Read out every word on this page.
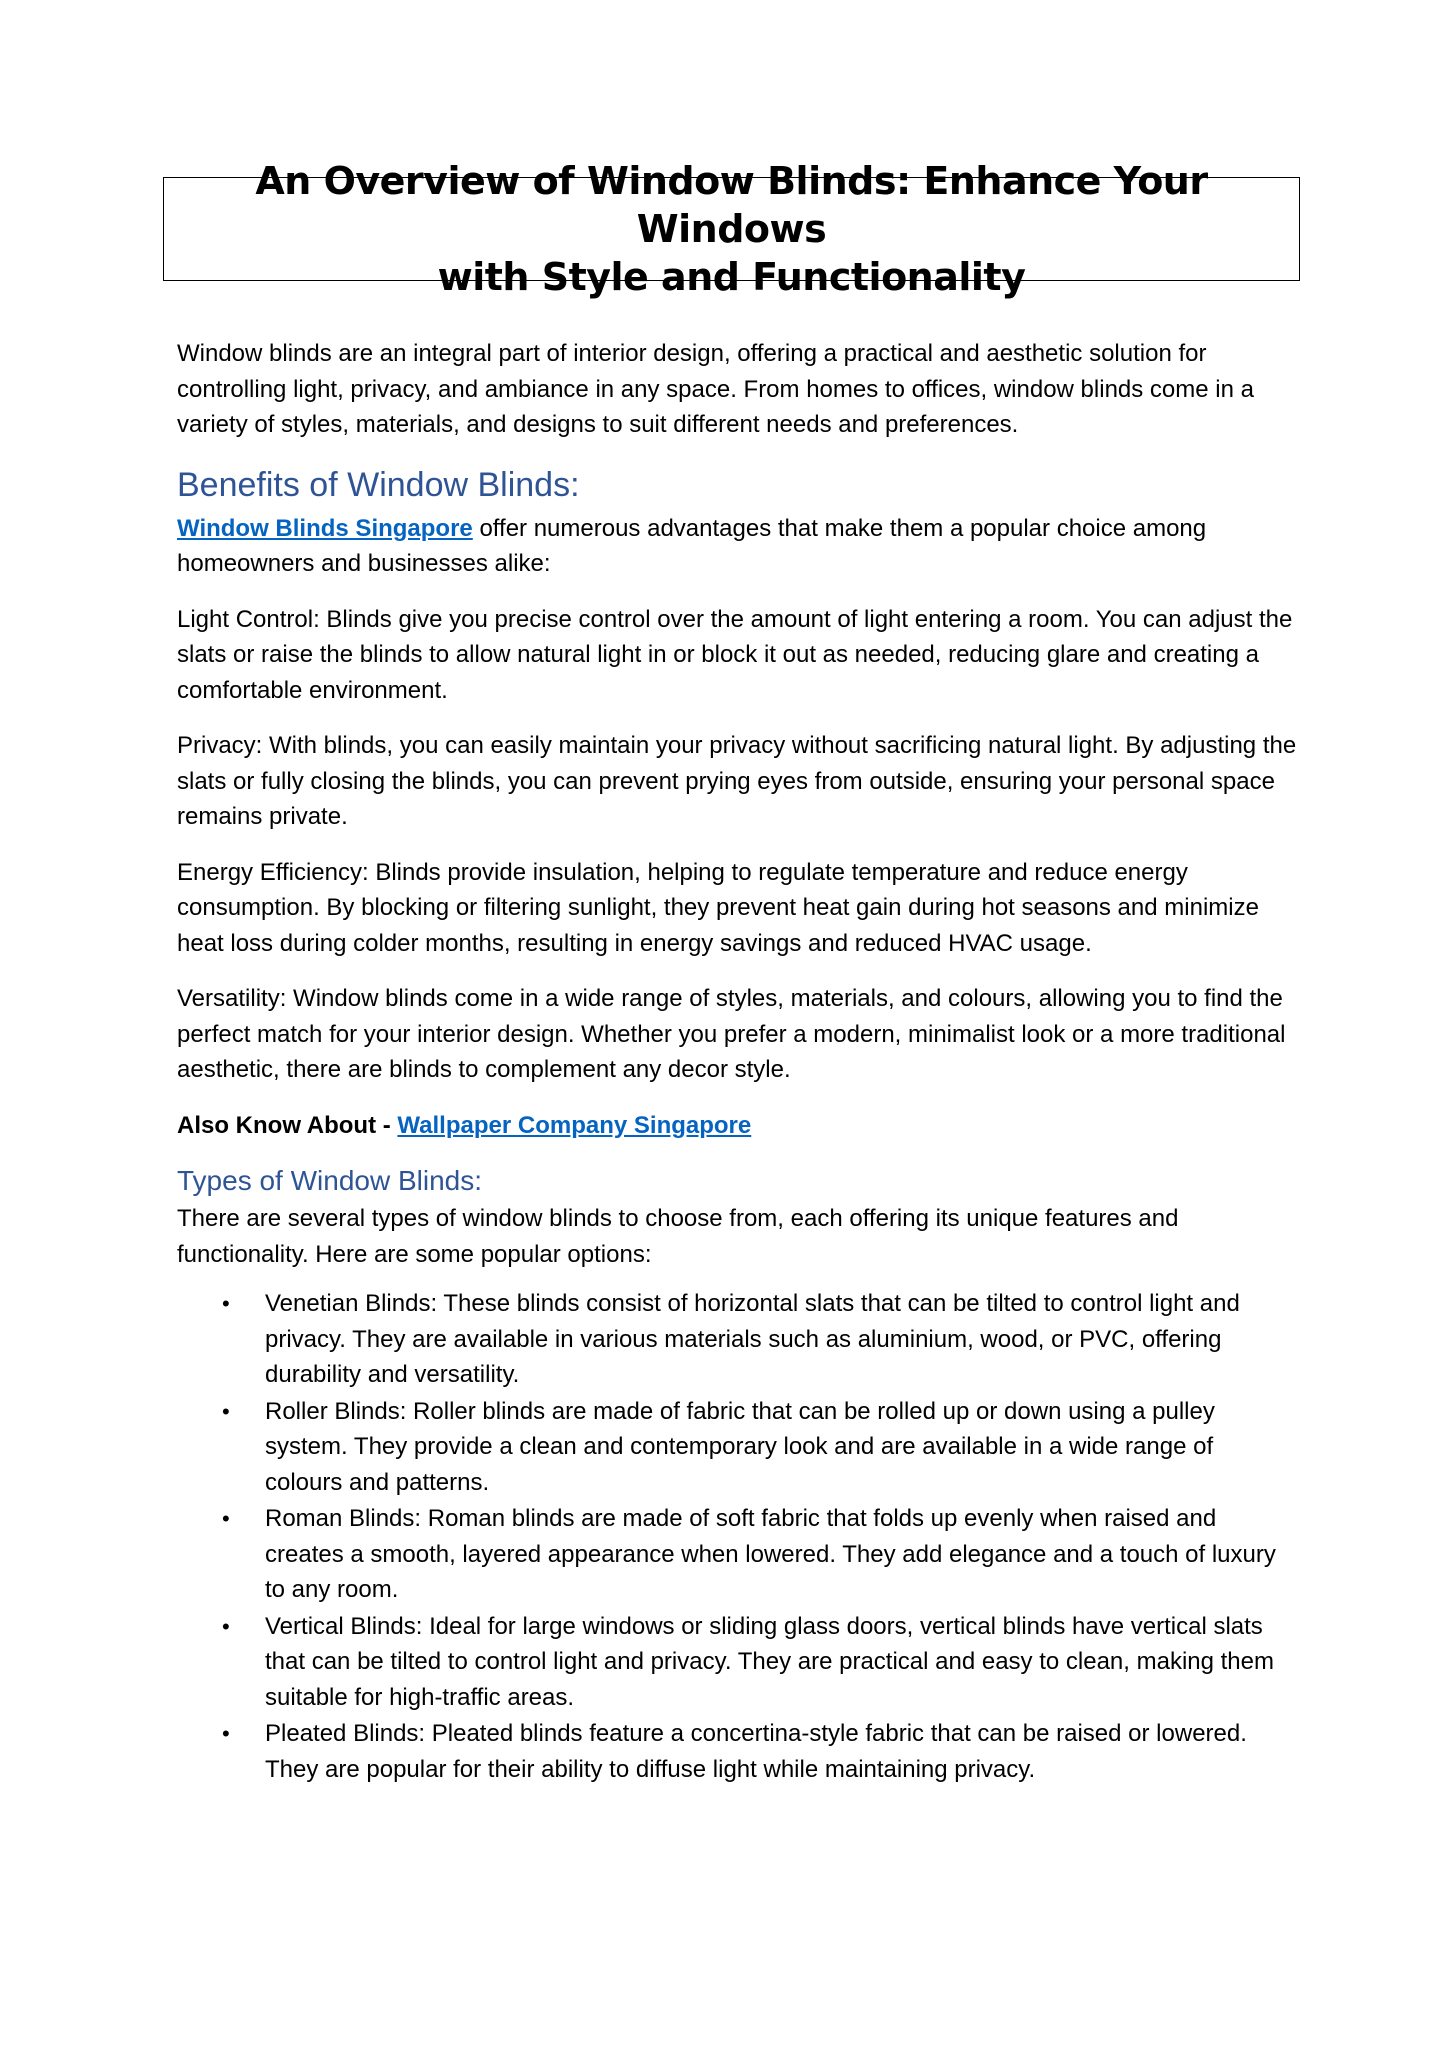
An Overview of Window Blinds: Enhance Your Windows
with Style and Functionality

Window blinds are an integral part of interior design, offering a practical and aesthetic solution for controlling light, privacy, and ambiance in any space. From homes to offices, window blinds come in a variety of styles, materials, and designs to suit different needs and preferences.

Benefits of Window Blinds:

Window Blinds Singapore offer numerous advantages that make them a popular choice among homeowners and businesses alike:

Light Control: Blinds give you precise control over the amount of light entering a room. You can adjust the slats or raise the blinds to allow natural light in or block it out as needed, reducing glare and creating a comfortable environment.

Privacy: With blinds, you can easily maintain your privacy without sacrificing natural light. By adjusting the slats or fully closing the blinds, you can prevent prying eyes from outside, ensuring your personal space remains private.

Energy Efficiency: Blinds provide insulation, helping to regulate temperature and reduce energy consumption. By blocking or filtering sunlight, they prevent heat gain during hot seasons and minimize heat loss during colder months, resulting in energy savings and reduced HVAC usage.

Versatility: Window blinds come in a wide range of styles, materials, and colours, allowing you to find the perfect match for your interior design. Whether you prefer a modern, minimalist look or a more traditional aesthetic, there are blinds to complement any decor style.

Also Know About - Wallpaper Company Singapore

Types of Window Blinds:

There are several types of window blinds to choose from, each offering its unique features and functionality. Here are some popular options:

• Venetian Blinds: These blinds consist of horizontal slats that can be tilted to control light and privacy. They are available in various materials such as aluminium, wood, or PVC, offering durability and versatility.
• Roller Blinds: Roller blinds are made of fabric that can be rolled up or down using a pulley system. They provide a clean and contemporary look and are available in a wide range of colours and patterns.
• Roman Blinds: Roman blinds are made of soft fabric that folds up evenly when raised and creates a smooth, layered appearance when lowered. They add elegance and a touch of luxury to any room.
• Vertical Blinds: Ideal for large windows or sliding glass doors, vertical blinds have vertical slats that can be tilted to control light and privacy. They are practical and easy to clean, making them suitable for high-traffic areas.
• Pleated Blinds: Pleated blinds feature a concertina-style fabric that can be raised or lowered. They are popular for their ability to diffuse light while maintaining privacy.
